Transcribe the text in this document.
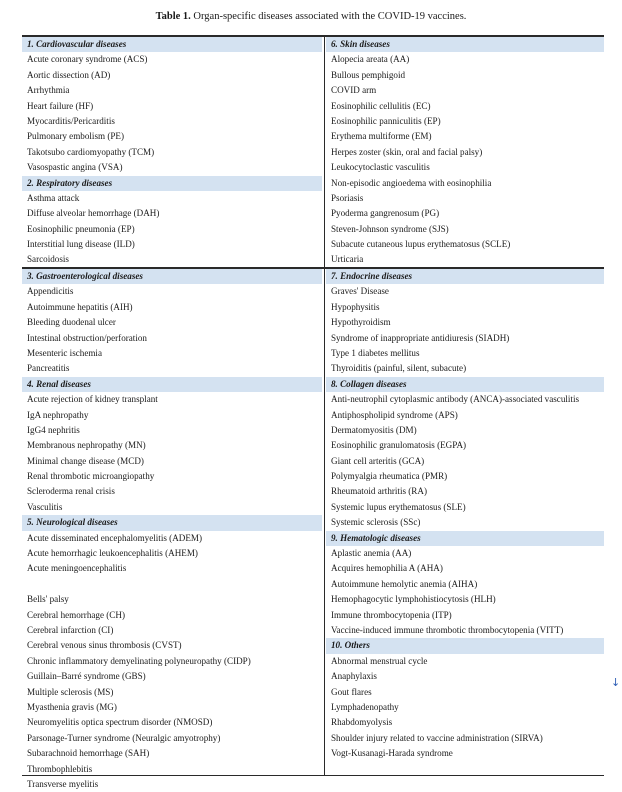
Table 1. Organ-specific diseases associated with the COVID-19 vaccines.
1. Cardiovascular diseases
Acute coronary syndrome (ACS)
Aortic dissection (AD)
Arrhythmia
Heart failure (HF)
Myocarditis/Pericarditis
Pulmonary embolism (PE)
Takotsubo cardiomyopathy (TCM)
Vasospastic angina (VSA)
2. Respiratory diseases
Asthma attack
Diffuse alveolar hemorrhage (DAH)
Eosinophilic pneumonia (EP)
Interstitial lung disease (ILD)
Sarcoidosis
6. Skin diseases
Alopecia areata (AA)
Bullous pemphigoid
COVID arm
Eosinophilic cellulitis (EC)
Eosinophilic panniculitis (EP)
Erythema multiforme (EM)
Herpes zoster (skin, oral and facial palsy)
Leukocytoclastic vasculitis
Non-episodic angioedema with eosinophilia
Psoriasis
Pyoderma gangrenosum (PG)
Steven-Johnson syndrome (SJS)
Subacute cutaneous lupus erythematosus (SCLE)
Urticaria
3. Gastroenterological diseases
Appendicitis
Autoimmune hepatitis (AIH)
Bleeding duodenal ulcer
Intestinal obstruction/perforation
Mesenteric ischemia
Pancreatitis
4. Renal diseases
Acute rejection of kidney transplant
IgA nephropathy
IgG4 nephritis
Membranous nephropathy (MN)
Minimal change disease (MCD)
Renal thrombotic microangiopathy
Scleroderma renal crisis
Vasculitis
5. Neurological diseases
Acute disseminated encephalomyelitis (ADEM)
Acute hemorrhagic leukoencephalitis (AHEM)
Acute meningoencephalitis
Bells' palsy
Cerebral hemorrhage (CH)
Cerebral infarction (CI)
Cerebral venous sinus thrombosis (CVST)
Chronic inflammatory demyelinating polyneuropathy (CIDP)
Guillain–Barré syndrome (GBS)
Multiple sclerosis (MS)
Myasthenia gravis (MG)
Neuromyelitis optica spectrum disorder (NMOSD)
Parsonage-Turner syndrome (Neuralgic amyotrophy)
Subarachnoid hemorrhage (SAH)
Thrombophlebitis
Transverse myelitis
7. Endocrine diseases
Graves' Disease
Hypophysitis
Hypothyroidism
Syndrome of inappropriate antidiuresis (SIADH)
Type 1 diabetes mellitus
Thyroiditis (painful, silent, subacute)
8. Collagen diseases
Anti-neutrophil cytoplasmic antibody (ANCA)-associated vasculitis
Antiphospholipid syndrome (APS)
Dermatomyositis (DM)
Eosinophilic granulomatosis (EGPA)
Giant cell arteritis (GCA)
Polymyalgia rheumatica (PMR)
Rheumatoid arthritis (RA)
Systemic lupus erythematosus (SLE)
Systemic sclerosis (SSc)
9. Hematologic diseases
Aplastic anemia (AA)
Acquires hemophilia A (AHA)
Autoimmune hemolytic anemia (AIHA)
Hemophagocytic lymphohistiocytosis (HLH)
Immune thrombocytopenia (ITP)
Vaccine-induced immune thrombotic thrombocytopenia (VITT)
10. Others
Abnormal menstrual cycle
Anaphylaxis
Gout flares
Lymphadenopathy
Rhabdomyolysis
Shoulder injury related to vaccine administration (SIRVA)
Vogt-Kusanagi-Harada syndrome
↓
